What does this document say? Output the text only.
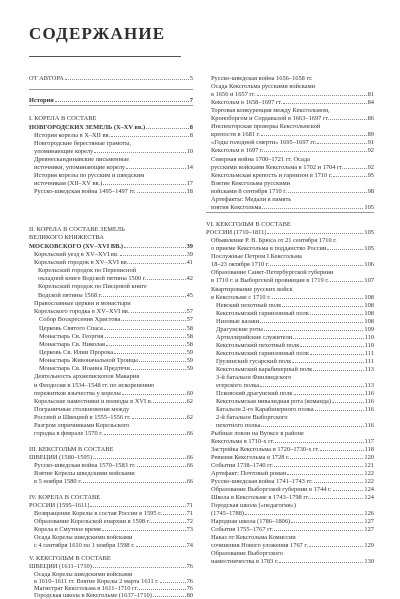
СОДЕРЖАНИЕ
ОТ АВТОРА	5
История	7
I. КОРЕЛА В СОСТАВЕ
НОВГОРОДСКИХ ЗЕМЕЛЬ (X–XV вв.)	8
История корелы в X–XII вв.	8
Новгородские берестяные грамоты,
упоминающие корелу	10
Древнескандинавские письменные
источники, упоминающие корелу	14
История корелы по русским и шведским
источникам (XII–XV вв.)	17
Русско-шведская война 1495–1497 гг.	18
II. КОРЕЛА В СОСТАВЕ ЗЕМЕЛЬ
ВЕЛИКОГО КНЯЖЕСТВА
МОСКОВСКОГО (XV–XVI ВВ.)	39
Корельский уезд в XV–XVI вв.	39
Корельский городок в XV–XVI вв.	41
Корельский городок по Переписной
окладной книге Водской пятины 1500 г.	42
Корельский городок по Писцовой книге
Водской пятины 1568 г.	45
Православные церкви и монастыри
Корельского городка в XV–XVI вв.	57
Собор Воскресения Христова	57
Церковь Святого Спаса	58
Монастырь Св. Георгия	58
Монастырь Св. Николая	58
Церковь Св. Илии Пророка	59
Монастырь Живоначальной Троицы	59
Монастырь Св. Иоанна Предтечи	59
Деятельность архиепископов Макария
и Феодосия в 1534–1548 гг. по искоренению
пережитков язычества у корелы	60
Корельские наместники и воеводы в XVI в.	62
Пограничные столкновения между
Россией и Швецией в 1555–1556 гг.	62
Разгром опричниками Корельского
городка в феврале 1570 г.	66
III. КЕКСГОЛЬМ В СОСТАВЕ
ШВЕЦИИ (1580–1595)	66
Русско-шведская война 1570–1583 гг.	66
Взятие Корелы шведскими войсками
в 5 ноября 1580 г.	66
IV. КОРЕЛА В СОСТАВЕ
РОССИИ (1595–1611)	71
Возвращение Корелы в состав России в 1595 г.	71
Образование Корельской епархии в 1598 г.	72
Корела в Смутное время	73
Осада Корелы шведскими войсками
с 4 сентября 1610 по 1 ноября 1598 г.	74
V. КЕКСГОЛЬМ В СОСТАВЕ
ШВЕЦИИ (1611–1710)	76
Осада Корелы шведскими войсками
в 1610–1611 гг. Взятие Корелы 2 марта 1611 г.	76
Магистрат Кексгольма в 1611–1710 гг.	76
Городская школа в Кексгольме (1637–1710)	80
Русско-шведская война 1656–1658 гг.
Осада Кексгольма русскими войсками
в 1656 и 1657 гг.	81
Кексгольм в 1658–1697 гг.	84
Торговая конкуренция между Кексгольмом,
Кроноборгом и Сордавалой в 1663–1697 гг.	86
Инспекторская проверка Кексгольмской
крепости в 1681 г.	89
«Годы голодной смерти» 1695–1697 гг.	91
Кексгольм в 1697 г.	92
Северная война 1700–1721 гг. Осада
русскими войсками Кексгольма в 1702 и 1704 гг.	92
Кексгольмская крепость и гарнизон в 1710 г.	95
Взятие Кексгольма русскими
войсками 8 сентября 1710 г.	98
Артефакты: Медали в память
взятия Кексгольма	105
VI. КЕКСГОЛЬМ В СОСТАВЕ
РОССИИ (1710–1811)	105
Объявление Р. В. Брюса от 21 сентября 1710 г.
о приеме Кексгольма в подданство России	105
Послужные Петром I Кексгольма
18–23 октября 1710 г.	106
Образование Санкт-Петербургской губернии
в 1710 г. и Выборгской провинции в 1719 г.	107
Квартирование русских войск
в Кексгольме с 1710 г.	108
Невский пехотный полк	108
Кексгольмский гарнизонный полк	108
Низовые казаки	108
Драгунские роты	109
Артиллерийские служители	110
Кексгольмский пехотный полк	110
Кексгольмский гарнизонный полк	111
Грузинский гусарский полк	111
Кексгольмский карабинерный полк	113
3-й батальон Финляндского
егерского полка	113
Псковский драгунский полк	116
Кексгольмская инвалидная рота (команда)	116
Батальон 2-го Карабинерного полка	116
2-й батальон Выборгского
пехотного полка	116
Рыбные ловли на Вуоксе в районе
Кексгольма в 1710-х гг.	117
Застройка Кексгольма в 1720–1730-х гг.	118
Ревизия Кексгольма в 1728 г.	120
События 1738–1740 гг.	121
Артефакт: Почтовый роман	122
Русско-шведская война 1741–1743 гг.	122
Образование Выборгской губернии в 1744 г.	124
Школа в Кексгольме в 1743–1798 гг.	124
Городская школа («педагогия»)
(1745–1788)	126
Народная школа (1786–1806)	127
События 1755–1767 гг.	127
Наказ от Кексгольма Комиссии
сочинения Нового уложения 1767 г.	129
Образование Выборгского
наместничества в 1783 г.	130
